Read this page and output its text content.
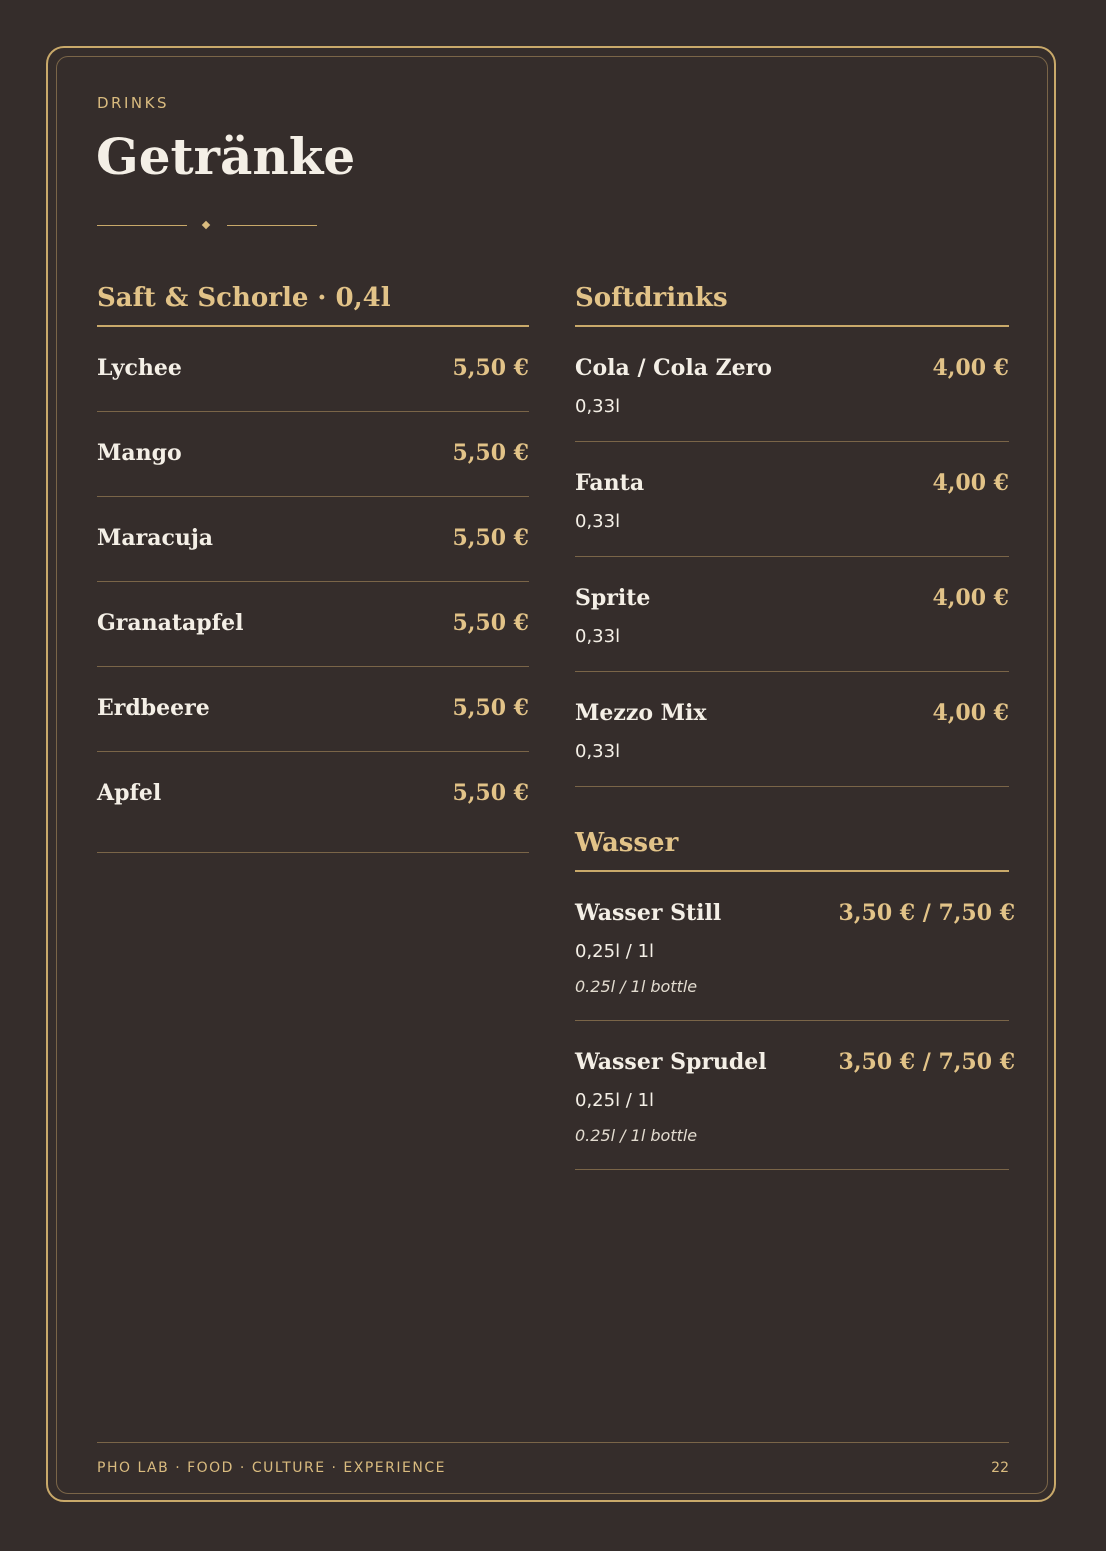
DRINKS
Getränke
Saft & Schorle · 0,4l
Lychee	5,50 €
Mango	5,50 €
Maracuja	5,50 €
Granatapfel	5,50 €
Erdbeere	5,50 €
Apfel	5,50 €
Softdrinks
Cola / Cola Zero	4,00 €
0,33l
Fanta	4,00 €
0,33l
Sprite	4,00 €
0,33l
Mezzo Mix	4,00 €
0,33l
Wasser
Wasser Still	3,50 € / 7,50 €
0,25l / 1l
0.25l / 1l bottle
Wasser Sprudel	3,50 € / 7,50 €
0,25l / 1l
0.25l / 1l bottle
PHO LAB · FOOD · CULTURE · EXPERIENCE	22
